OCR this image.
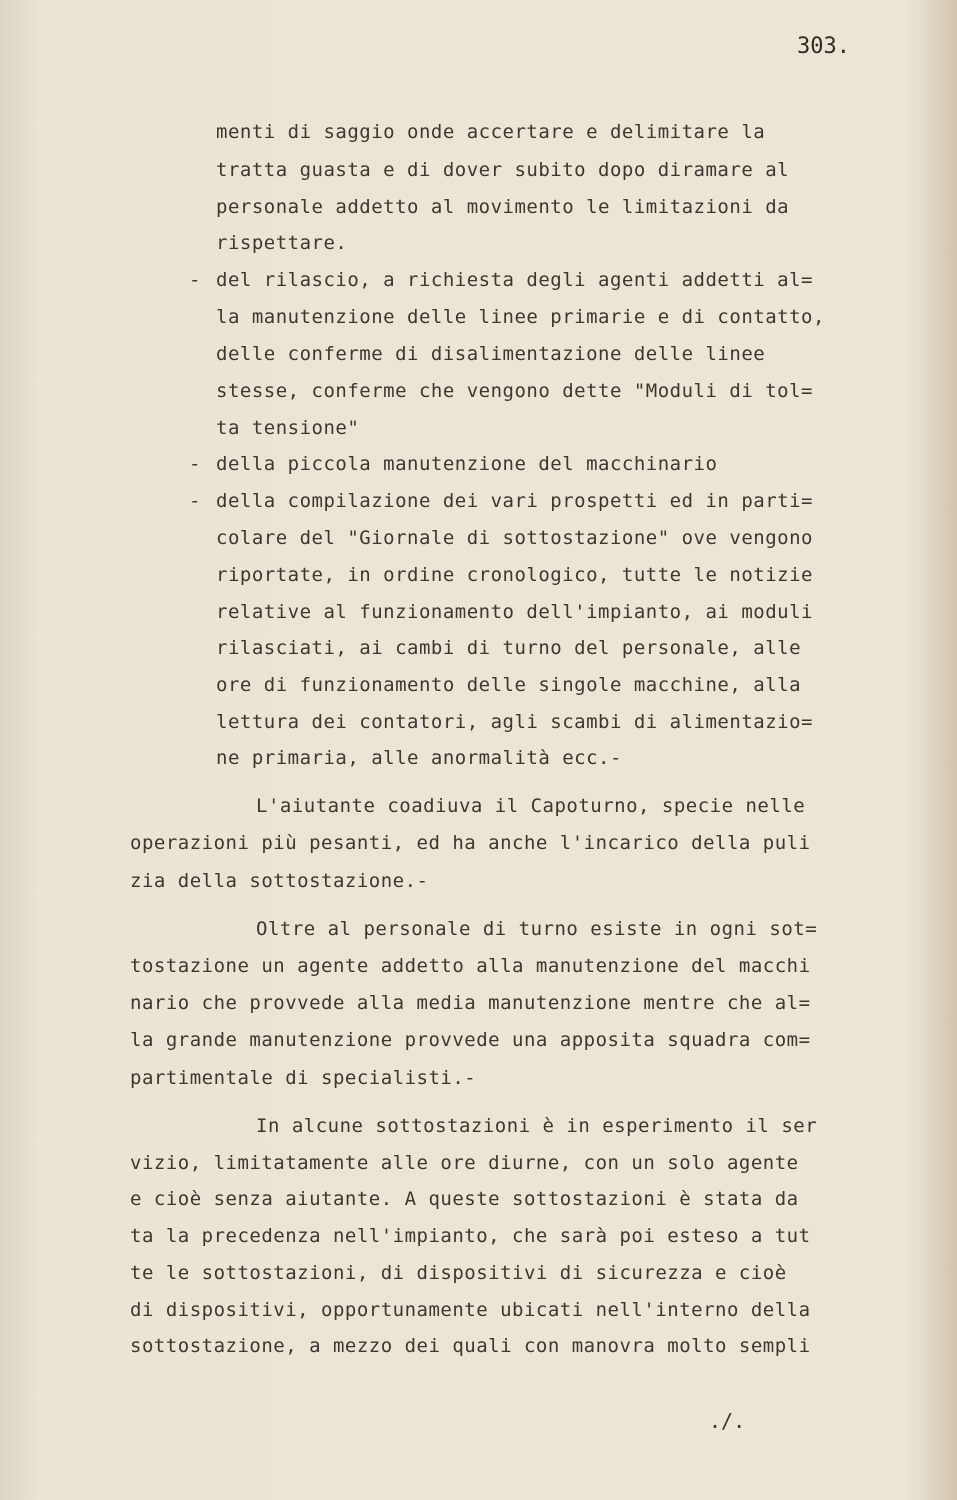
303.
menti di saggio onde accertare e delimitare la
tratta guasta e di dover subito dopo diramare al
personale addetto al movimento le limitazioni da
rispettare.
- del rilascio, a richiesta degli agenti addetti al=
la manutenzione delle linee primarie e di contatto,
delle conferme di disalimentazione delle linee
stesse, conferme che vengono dette "Moduli di tol=
ta tensione"
- della piccola manutenzione del macchinario
- della compilazione dei vari prospetti ed in parti=
colare del "Giornale di sottostazione" ove vengono
riportate, in ordine cronologico, tutte le notizie
relative al funzionamento dell'impianto, ai moduli
rilasciati, ai cambi di turno del personale, alle
ore di funzionamento delle singole macchine, alla
lettura dei contatori, agli scambi di alimentazio=
ne primaria, alle anormalità ecc.-
L'aiutante coadiuva il Capoturno, specie nelle
operazioni più pesanti, ed ha anche l'incarico della puli
zia della sottostazione.-
Oltre al personale di turno esiste in ogni sot=
tostazione un agente addetto alla manutenzione del macchi
nario che provvede alla media manutenzione mentre che al=
la grande manutenzione provvede una apposita squadra com=
partimentale di specialisti.-
In alcune sottostazioni è in esperimento il ser
vizio, limitatamente alle ore diurne, con un solo agente
e cioè senza aiutante. A queste sottostazioni è stata da
ta la precedenza nell'impianto, che sarà poi esteso a tut
te le sottostazioni, di dispositivi di sicurezza e cioè
di dispositivi, opportunamente ubicati nell'interno della
sottostazione, a mezzo dei quali con manovra molto sempli
./.
